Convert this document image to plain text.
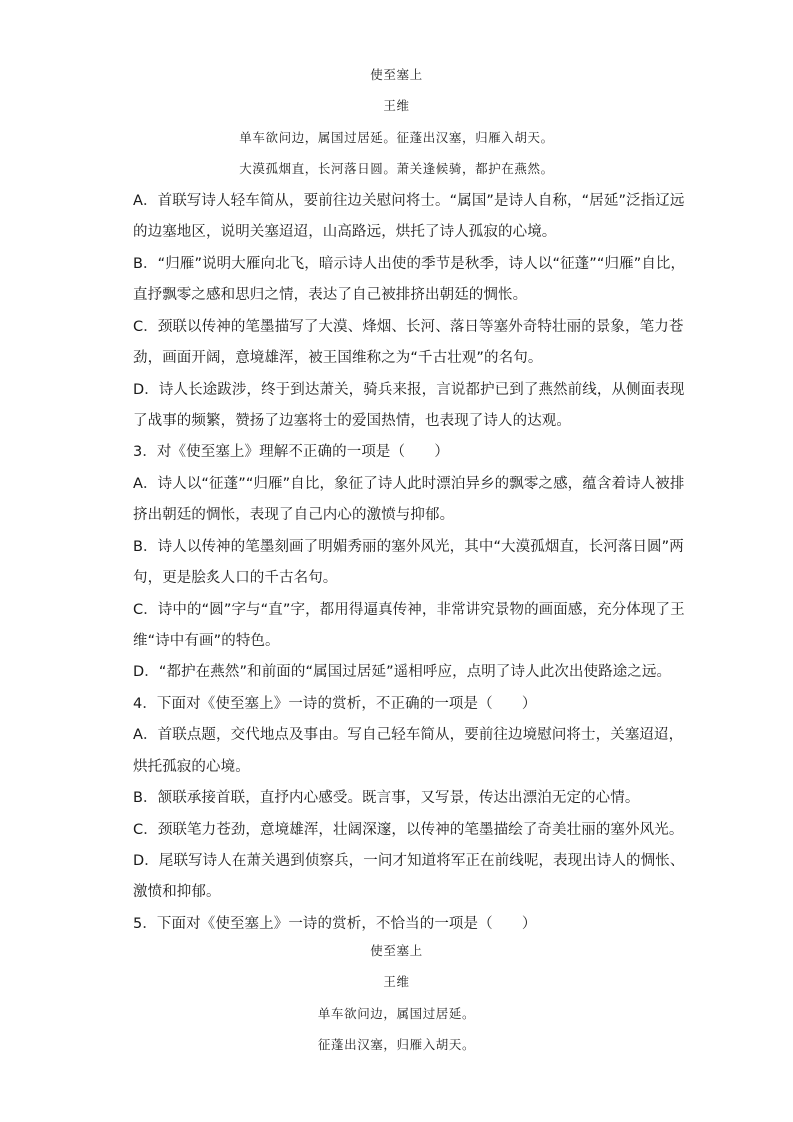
使至塞上
王维
单车欲问边，属国过居延。征蓬出汉塞，归雁入胡天。
大漠孤烟直，长河落日圆。萧关逢候骑，都护在燕然。
A．首联写诗人轻车简从，要前往边关慰问将士。“属国”是诗人自称，“居延”泛指辽远
的边塞地区，说明关塞迢迢，山高路远，烘托了诗人孤寂的心境。
B．“归雁”说明大雁向北飞，暗示诗人出使的季节是秋季，诗人以“征蓬”“归雁”自比，
直抒飘零之感和思归之情，表达了自己被排挤出朝廷的惆怅。
C．颈联以传神的笔墨描写了大漠、烽烟、长河、落日等塞外奇特壮丽的景象，笔力苍
劲，画面开阔，意境雄浑，被王国维称之为“千古壮观”的名句。
D．诗人长途跋涉，终于到达萧关，骑兵来报，言说都护已到了燕然前线，从侧面表现
了战事的频繁，赞扬了边塞将士的爱国热情，也表现了诗人的达观。
3．对《使至塞上》理解不正确的一项是（　　）
A．诗人以“征蓬”“归雁”自比，象征了诗人此时漂泊异乡的飘零之感，蕴含着诗人被排
挤出朝廷的惆怅，表现了自己内心的激愤与抑郁。
B．诗人以传神的笔墨刻画了明媚秀丽的塞外风光，其中“大漠孤烟直，长河落日圆”两
句，更是脍炙人口的千古名句。
C．诗中的“圆”字与“直”字，都用得逼真传神，非常讲究景物的画面感，充分体现了王
维“诗中有画”的特色。
D．“都护在燕然”和前面的“属国过居延”遥相呼应，点明了诗人此次出使路途之远。
4．下面对《使至塞上》一诗的赏析，不正确的一项是（　　）
A．首联点题，交代地点及事由。写自己轻车简从，要前往边境慰问将士，关塞迢迢，
烘托孤寂的心境。
B．颔联承接首联，直抒内心感受。既言事，又写景，传达出漂泊无定的心情。
C．颈联笔力苍劲，意境雄浑，壮阔深邃，以传神的笔墨描绘了奇美壮丽的塞外风光。
D．尾联写诗人在萧关遇到侦察兵，一问才知道将军正在前线呢，表现出诗人的惆怅、
激愤和抑郁。
5．下面对《使至塞上》一诗的赏析，不恰当的一项是（　　）
使至塞上
王维
单车欲问边，属国过居延。
征蓬出汉塞，归雁入胡天。
